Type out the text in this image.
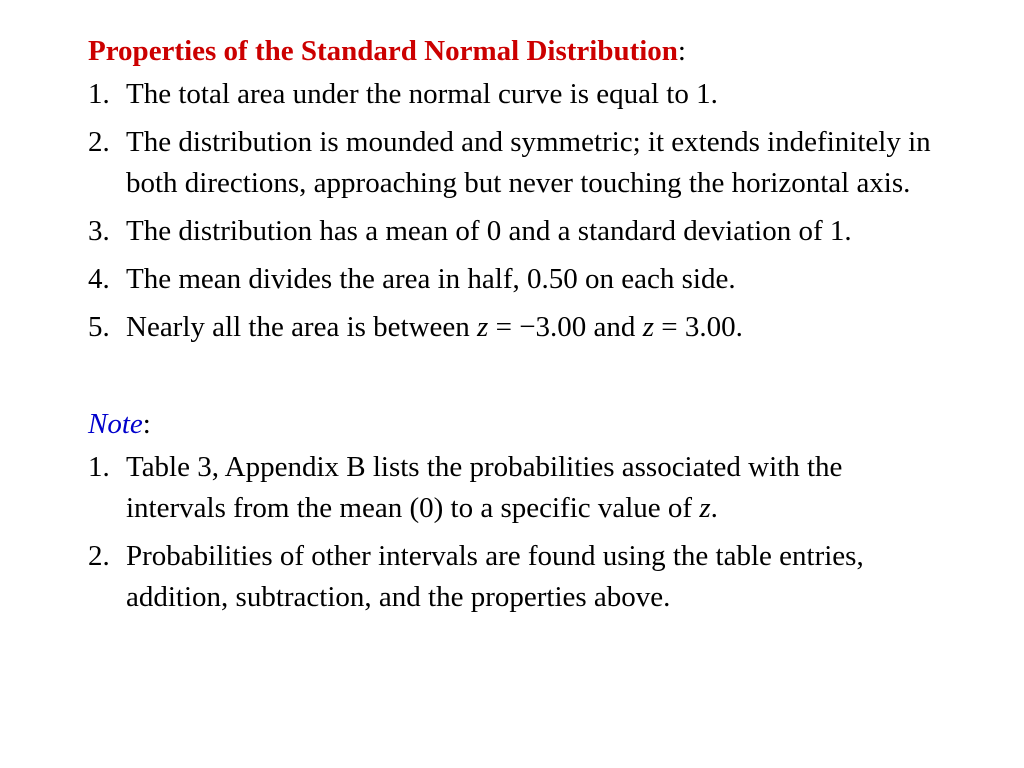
Properties of the Standard Normal Distribution:

1. The total area under the normal curve is equal to 1.
2. The distribution is mounded and symmetric; it extends indefinitely in both directions, approaching but never touching the horizontal axis.
3. The distribution has a mean of 0 and a standard deviation of 1.
4. The mean divides the area in half, 0.50 on each side.
5. Nearly all the area is between z = −3.00 and z = 3.00.

Note:

1. Table 3, Appendix B lists the probabilities associated with the intervals from the mean (0) to a specific value of z.
2. Probabilities of other intervals are found using the table entries, addition, subtraction, and the properties above.
